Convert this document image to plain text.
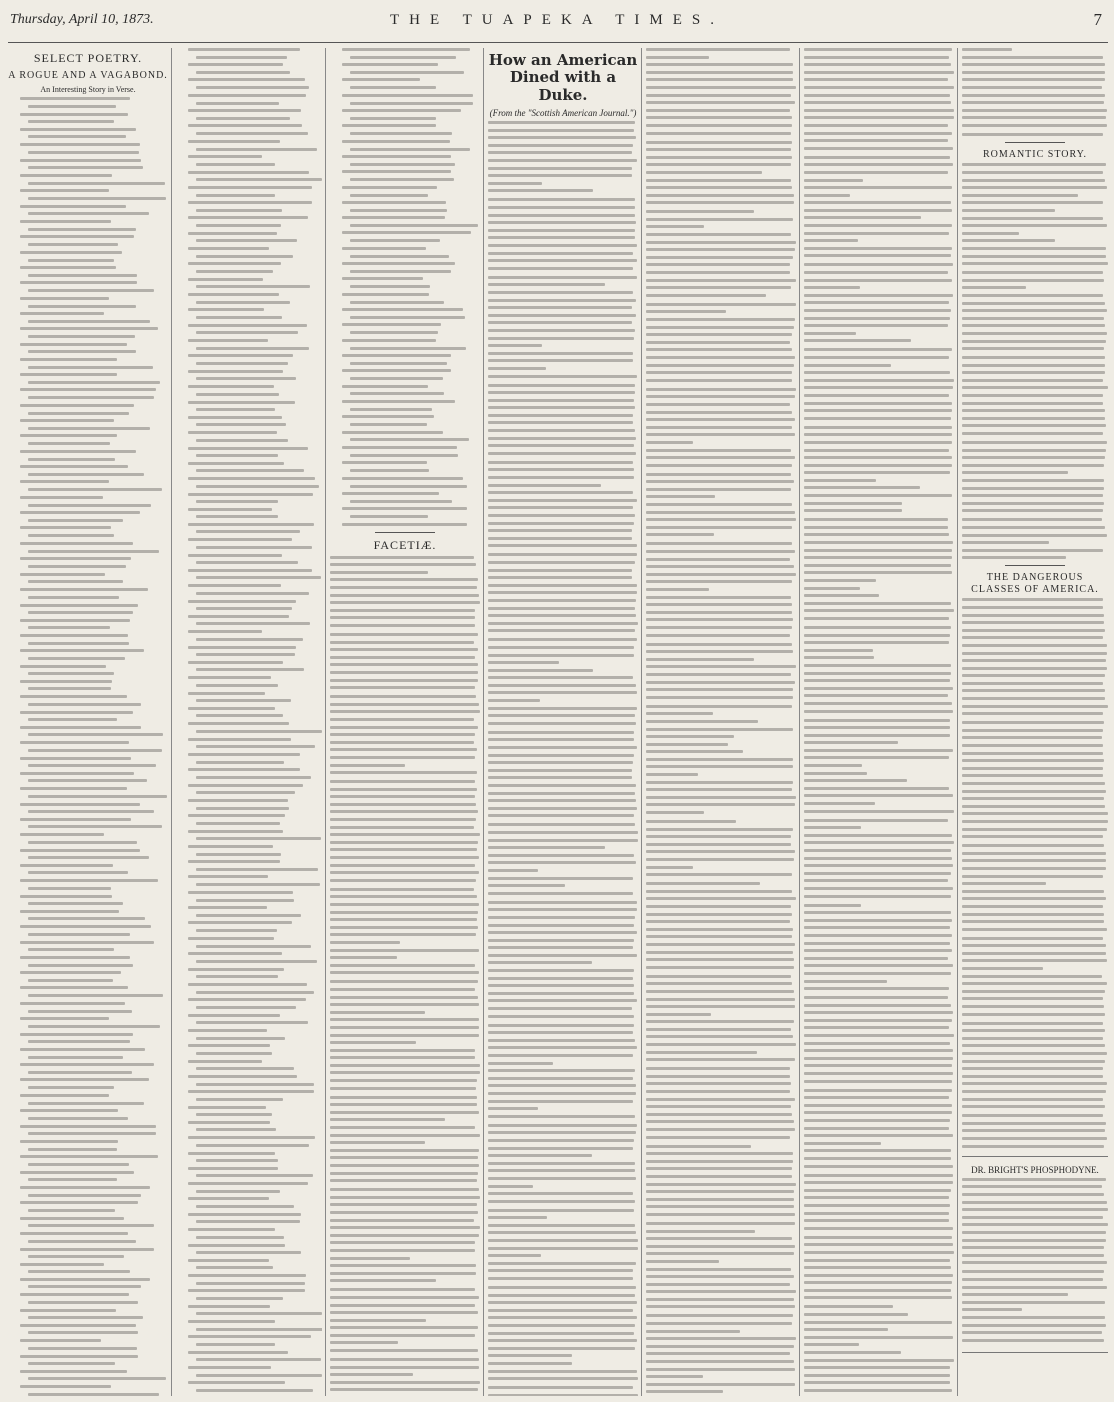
Thursday, April 10, 1873.	THE TUAPEKA TIMES.	7
SELECT POETRY.
A ROGUE AND A VAGABOND.
An Interesting Story in Verse.
FACETIÆ.
How an American Dined with a Duke.
(From the "Scottish American Journal.")
ROMANTIC STORY.
THE DANGEROUS CLASSES OF AMERICA.
DR. BRIGHT'S PHOSPHODYNE.
